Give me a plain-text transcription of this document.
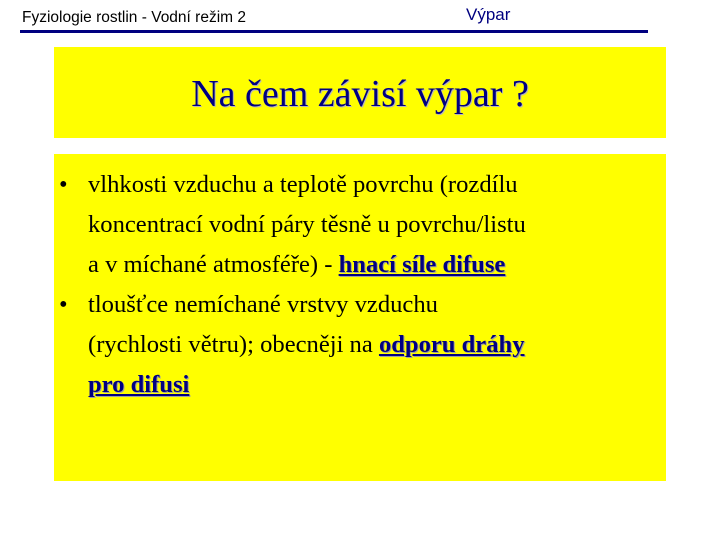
Fyziologie rostlin - Vodní režim 2	Výpar
Na čem závisí výpar ?
• vlhkosti vzduchu a teplotě povrchu (rozdílu
koncentrací vodní páry těsně u povrchu/listu
a v míchané atmosféře) - hnací síle difuse
• tloušťce nemíchané vrstvy vzduchu
(rychlosti větru); obecněji na odporu dráhy
pro difusi
